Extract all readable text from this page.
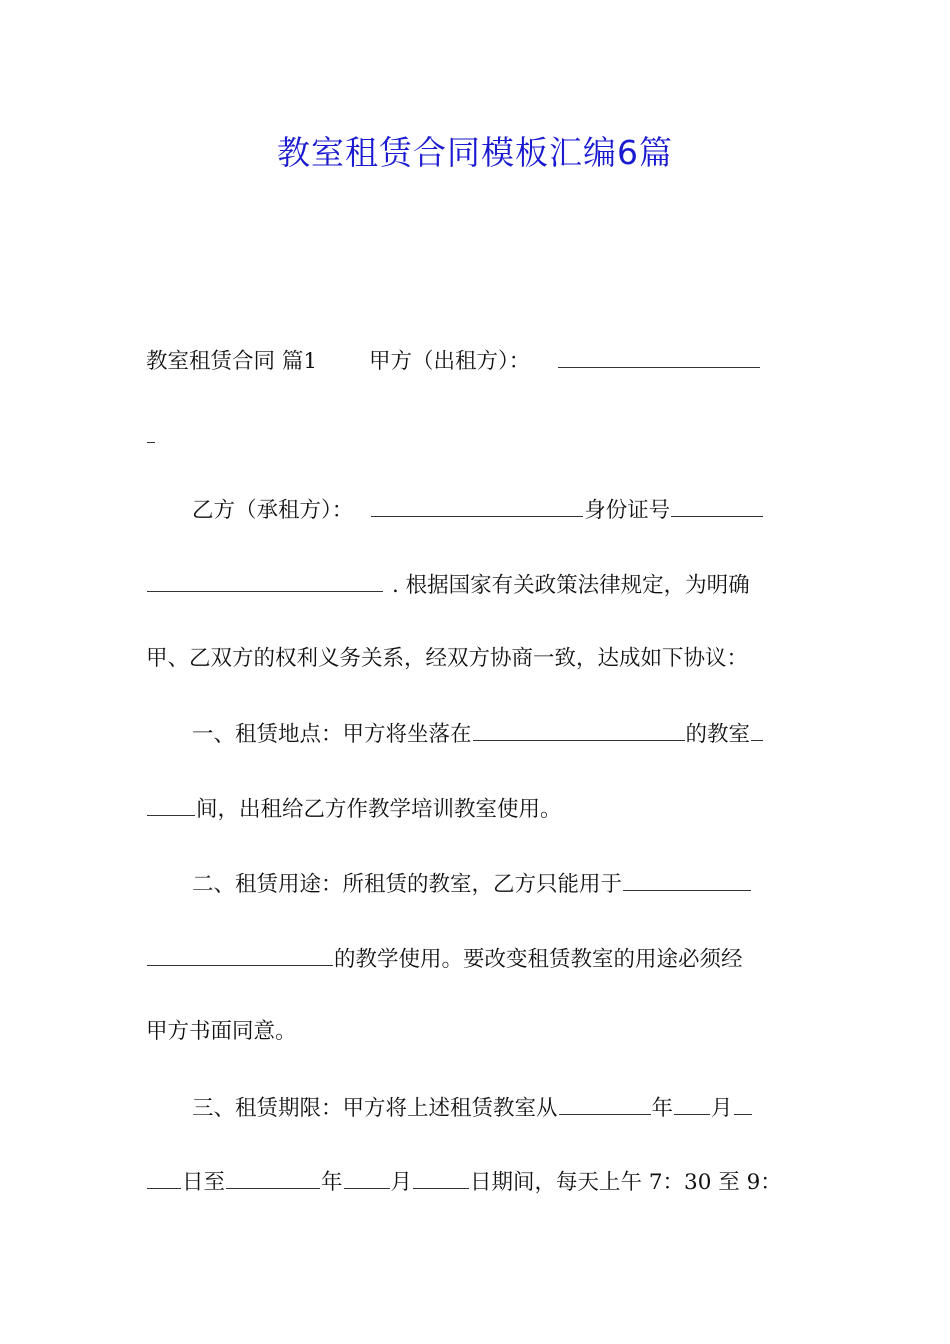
教室租赁合同模板汇编6篇
教室租赁合同 篇1 甲方（出租方）：
乙方（承租方）：	身份证号
. 根据国家有关政策法律规定，为明确
甲、乙双方的权利义务关系，经双方协商一致，达成如下协议：
一、租赁地点：甲方将坐落在	的教室
间，出租给乙方作教学培训教室使用。
二、租赁用途：所租赁的教室，乙方只能用于
的教学使用。要改变租赁教室的用途必须经
甲方书面同意。
三、租赁期限：甲方将上述租赁教室从	年 月
日至	年 月	日期间，每天上午 7：30 至 9：
